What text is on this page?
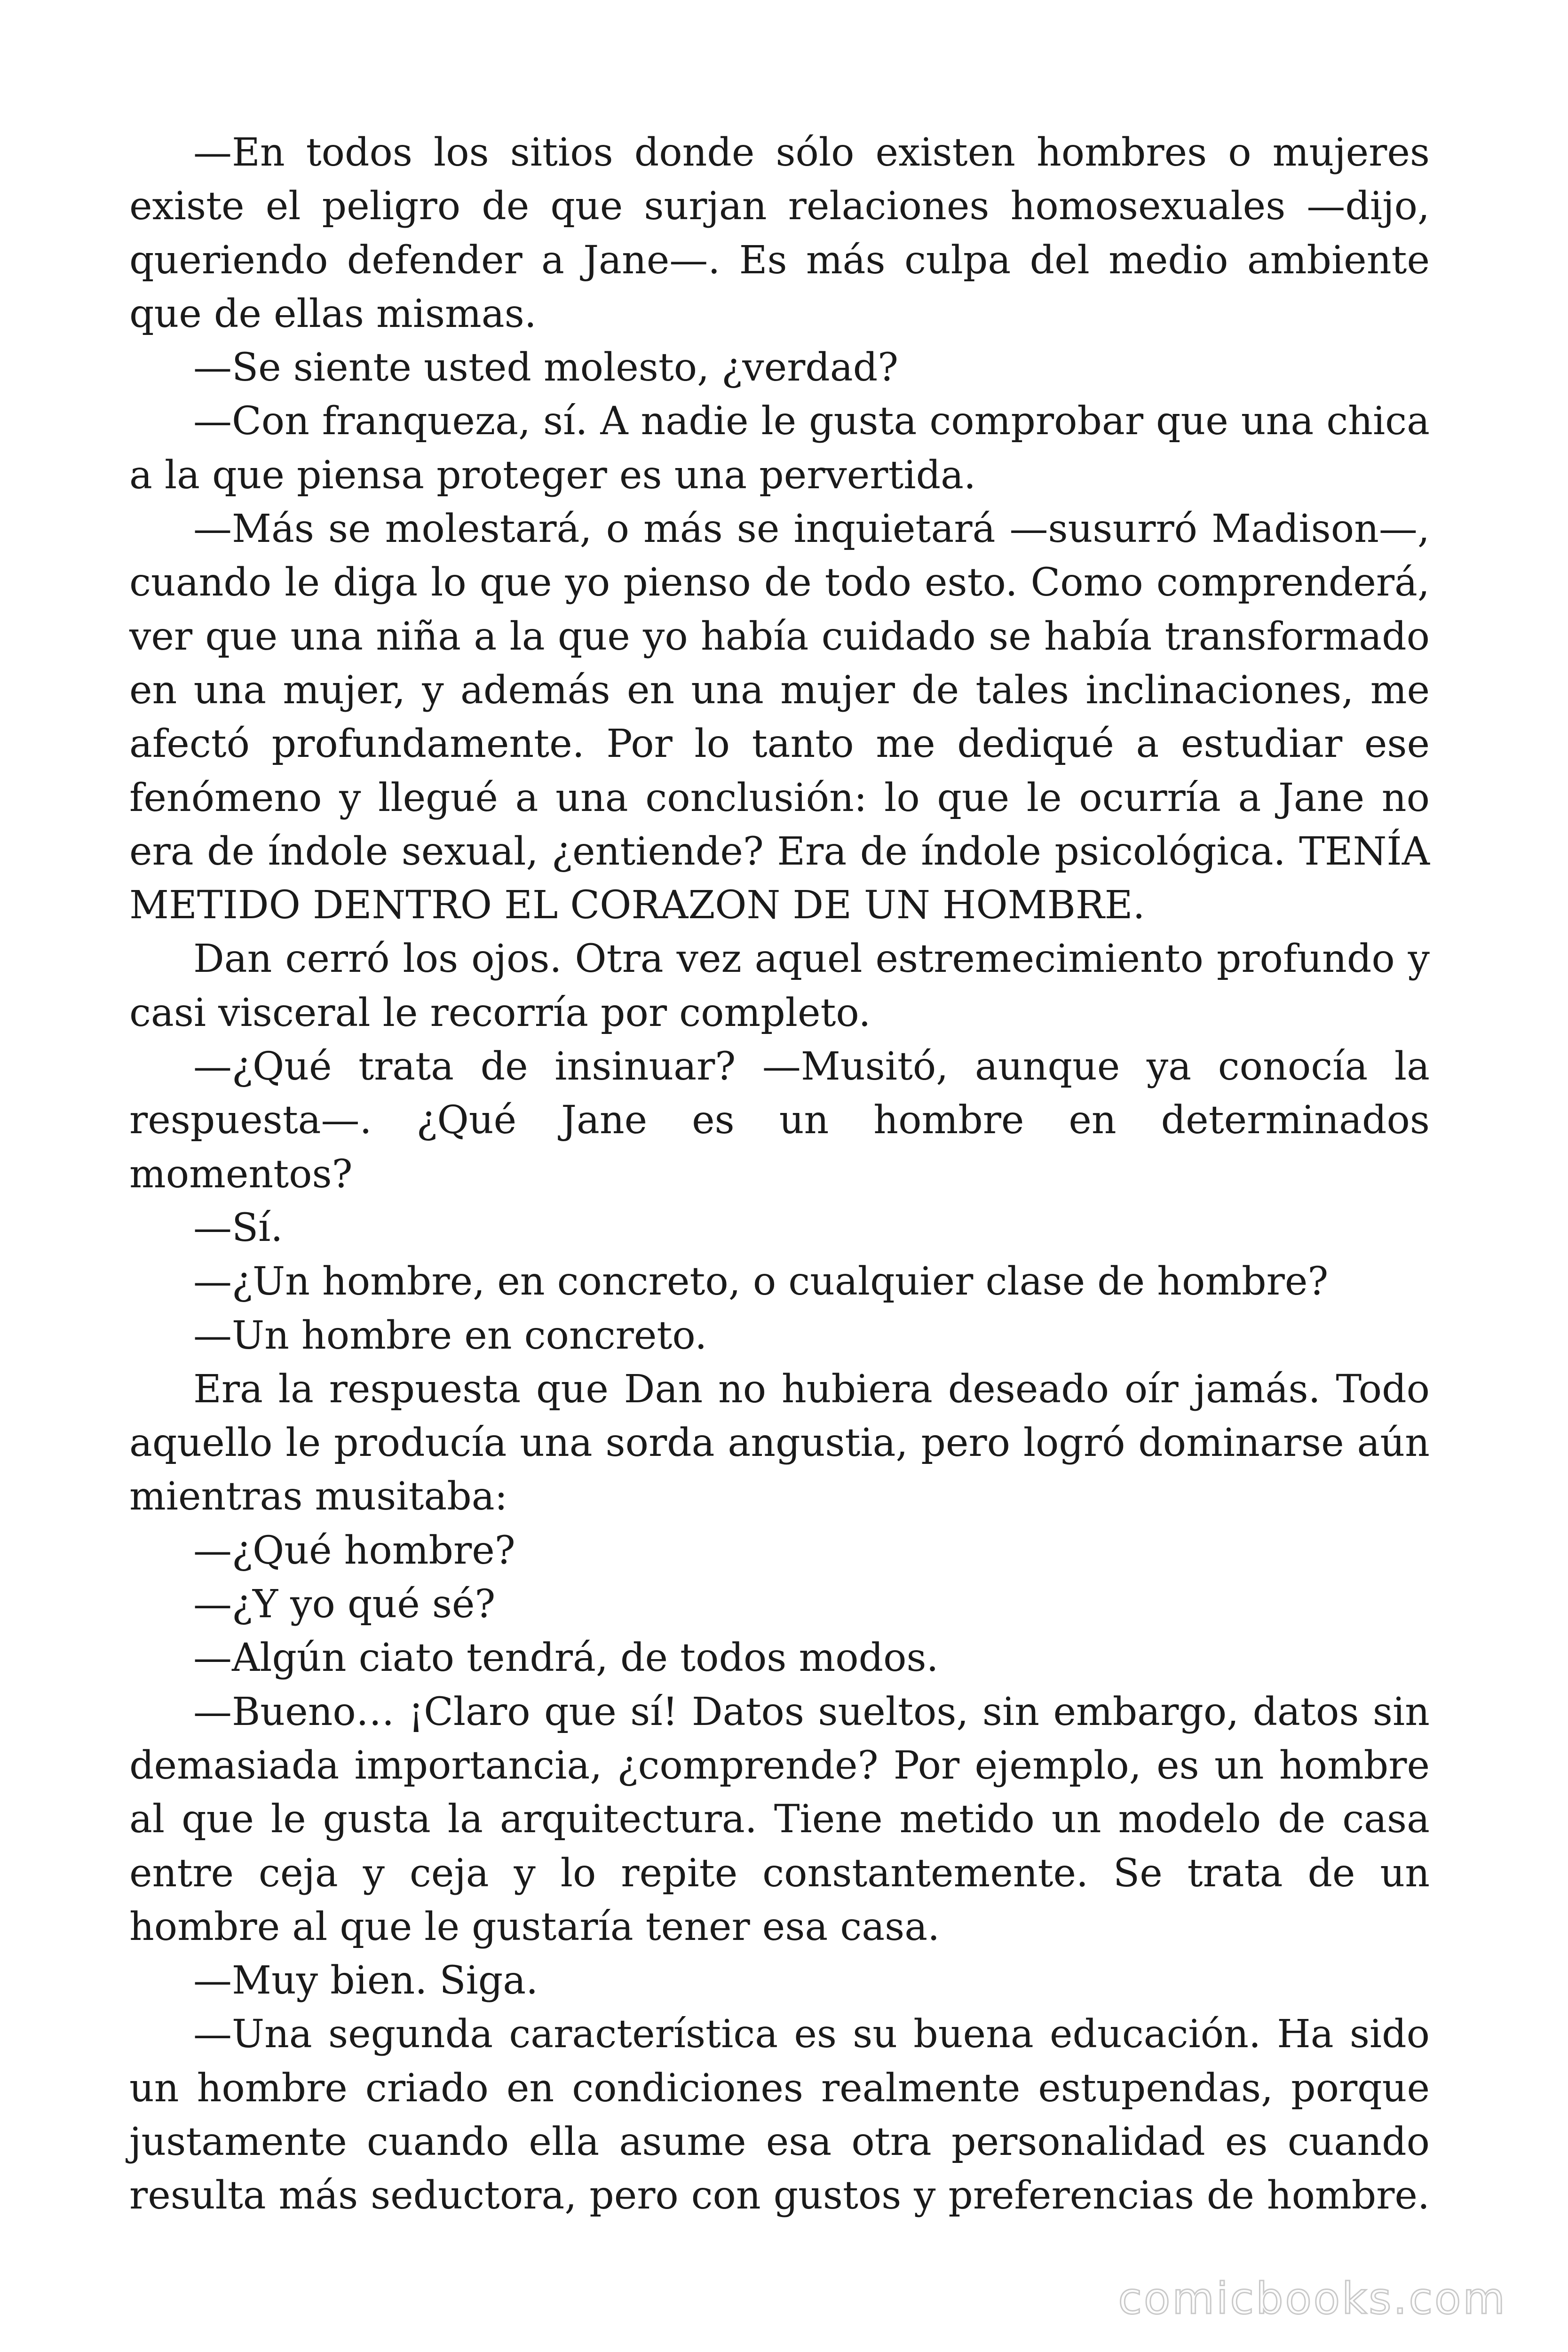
—En todos los sitios donde sólo existen hombres o mujeres existe el peligro de que surjan relaciones homosexuales —dijo, queriendo defender a Jane—. Es más culpa del medio ambiente que de ellas mismas.

—Se siente usted molesto, ¿verdad?

—Con franqueza, sí. A nadie le gusta comprobar que una chica a la que piensa proteger es una pervertida.

—Más se molestará, o más se inquietará —susurró Madison—, cuando le diga lo que yo pienso de todo esto. Como comprenderá, ver que una niña a la que yo había cuidado se había transformado en una mujer, y además en una mujer de tales inclinaciones, me afectó profundamente. Por lo tanto me dediqué a estudiar ese fenómeno y llegué a una conclusión: lo que le ocurría a Jane no era de índole sexual, ¿entiende? Era de índole psicológica. TENÍA METIDO DENTRO EL CORAZON DE UN HOMBRE.

Dan cerró los ojos. Otra vez aquel estremecimiento profundo y casi visceral le recorría por completo.

—¿Qué trata de insinuar? —Musitó, aunque ya conocía la respuesta—. ¿Qué Jane es un hombre en determinados momentos?

—Sí.

—¿Un hombre, en concreto, o cualquier clase de hombre?

—Un hombre en concreto.

Era la respuesta que Dan no hubiera deseado oír jamás. Todo aquello le producía una sorda angustia, pero logró dominarse aún mientras musitaba:

—¿Qué hombre?

—¿Y yo qué sé?

—Algún ciato tendrá, de todos modos.

—Bueno… ¡Claro que sí! Datos sueltos, sin embargo, datos sin demasiada importancia, ¿comprende? Por ejemplo, es un hombre al que le gusta la arquitectura. Tiene metido un modelo de casa entre ceja y ceja y lo repite constantemente. Se trata de un hombre al que le gustaría tener esa casa.

—Muy bien. Siga.

—Una segunda característica es su buena educación. Ha sido un hombre criado en condiciones realmente estupendas, porque justamente cuando ella asume esa otra personalidad es cuando resulta más seductora, pero con gustos y preferencias de hombre.

comicbooks.com
